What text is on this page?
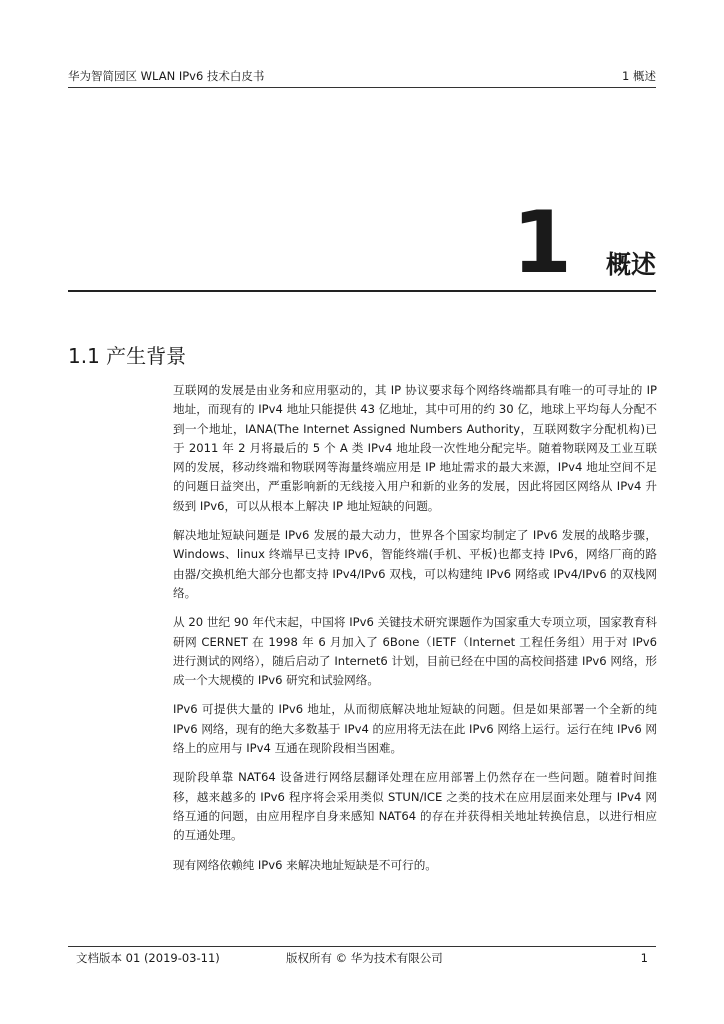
华为智简园区 WLAN IPv6 技术白皮书	1 概述
1 概述
1.1 产生背景

互联网的发展是由业务和应用驱动的，其 IP 协议要求每个网络终端都具有唯一的可寻址的 IP 地址，而现有的 IPv4 地址只能提供 43 亿地址，其中可用的约 30 亿，地球上平均每人分配不到一个地址，IANA(The Internet Assigned Numbers Authority，互联网数字分配机构)已于 2011 年 2 月将最后的 5 个 A 类 IPv4 地址段一次性地分配完毕。随着物联网及工业互联网的发展，移动终端和物联网等海量终端应用是 IP 地址需求的最大来源，IPv4 地址空间不足的问题日益突出，严重影响新的无线接入用户和新的业务的发展，因此将园区网络从 IPv4 升级到 IPv6，可以从根本上解决 IP 地址短缺的问题。

解决地址短缺问题是 IPv6 发展的最大动力，世界各个国家均制定了 IPv6 发展的战略步骤，Windows、linux 终端早已支持 IPv6，智能终端(手机、平板)也都支持 IPv6，网络厂商的路由器/交换机绝大部分也都支持 IPv4/IPv6 双栈，可以构建纯 IPv6 网络或 IPv4/IPv6 的双栈网络。

从 20 世纪 90 年代末起，中国将 IPv6 关键技术研究课题作为国家重大专项立项，国家教育科研网 CERNET 在 1998 年 6 月加入了 6Bone（IETF（Internet 工程任务组）用于对 IPv6 进行测试的网络），随后启动了 Internet6 计划，目前已经在中国的高校间搭建 IPv6 网络，形成一个大规模的 IPv6 研究和试验网络。

IPv6 可提供大量的 IPv6 地址，从而彻底解决地址短缺的问题。但是如果部署一个全新的纯 IPv6 网络，现有的绝大多数基于 IPv4 的应用将无法在此 IPv6 网络上运行。运行在纯 IPv6 网络上的应用与 IPv4 互通在现阶段相当困难。

现阶段单靠 NAT64 设备进行网络层翻译处理在应用部署上仍然存在一些问题。随着时间推移，越来越多的 IPv6 程序将会采用类似 STUN/ICE 之类的技术在应用层面来处理与 IPv4 网络互通的问题，由应用程序自身来感知 NAT64 的存在并获得相关地址转换信息，以进行相应的互通处理。

现有网络依赖纯 IPv6 来解决地址短缺是不可行的。

文档版本 01 (2019-03-11)	版权所有 © 华为技术有限公司	1
